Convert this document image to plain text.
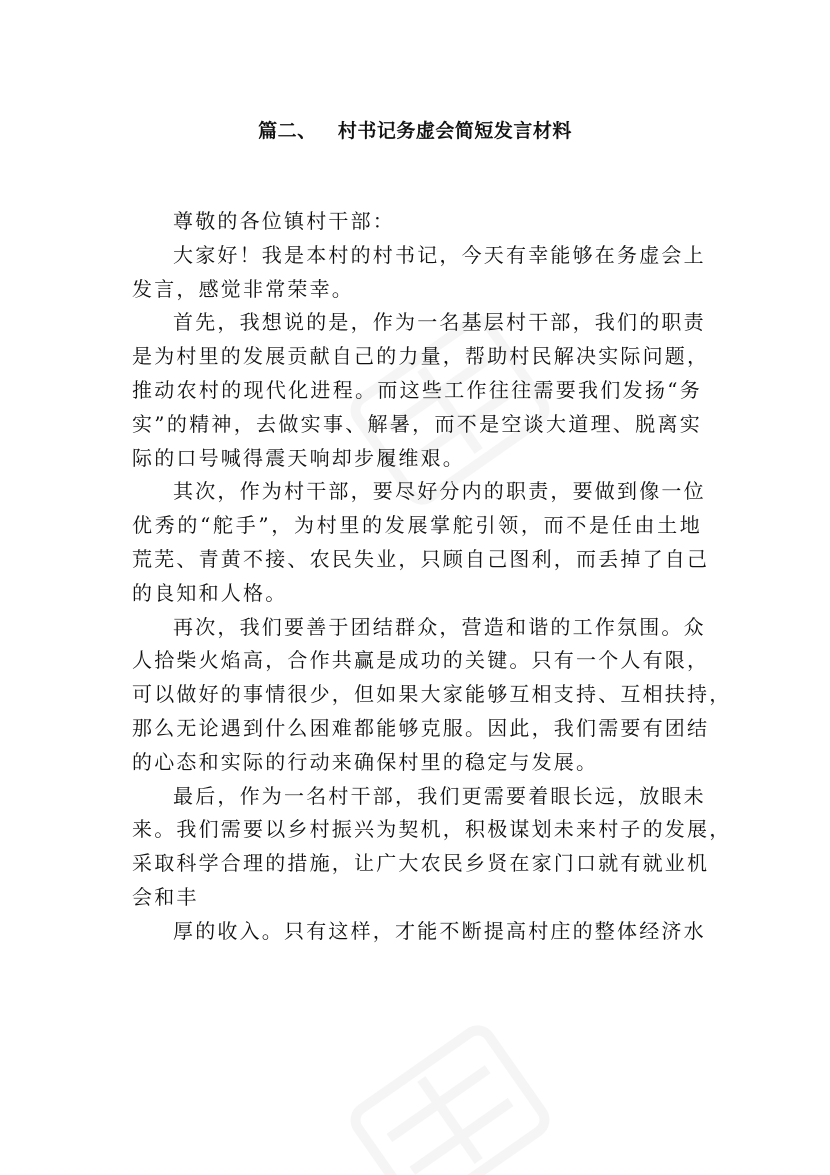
篇二、   村书记务虚会简短发言材料
尊敬的各位镇村干部：
大家好！我是本村的村书记，今天有幸能够在务虚会上
发言，感觉非常荣幸。
首先，我想说的是，作为一名基层村干部，我们的职责
是为村里的发展贡献自己的力量，帮助村民解决实际问题，
推动农村的现代化进程。而这些工作往往需要我们发扬“务
实”的精神，去做实事、解暑，而不是空谈大道理、脱离实
际的口号喊得震天响却步履维艰。
其次，作为村干部，要尽好分内的职责，要做到像一位
优秀的“舵手”，为村里的发展掌舵引领，而不是任由土地
荒芜、青黄不接、农民失业，只顾自己图利，而丢掉了自己
的良知和人格。
再次，我们要善于团结群众，营造和谐的工作氛围。众
人拾柴火焰高，合作共赢是成功的关键。只有一个人有限，
可以做好的事情很少，但如果大家能够互相支持、互相扶持，
那么无论遇到什么困难都能够克服。因此，我们需要有团结
的心态和实际的行动来确保村里的稳定与发展。
最后，作为一名村干部，我们更需要着眼长远，放眼未
来。我们需要以乡村振兴为契机，积极谋划未来村子的发展，
采取科学合理的措施，让广大农民乡贤在家门口就有就业机
会和丰
厚的收入。只有这样，才能不断提高村庄的整体经济水
